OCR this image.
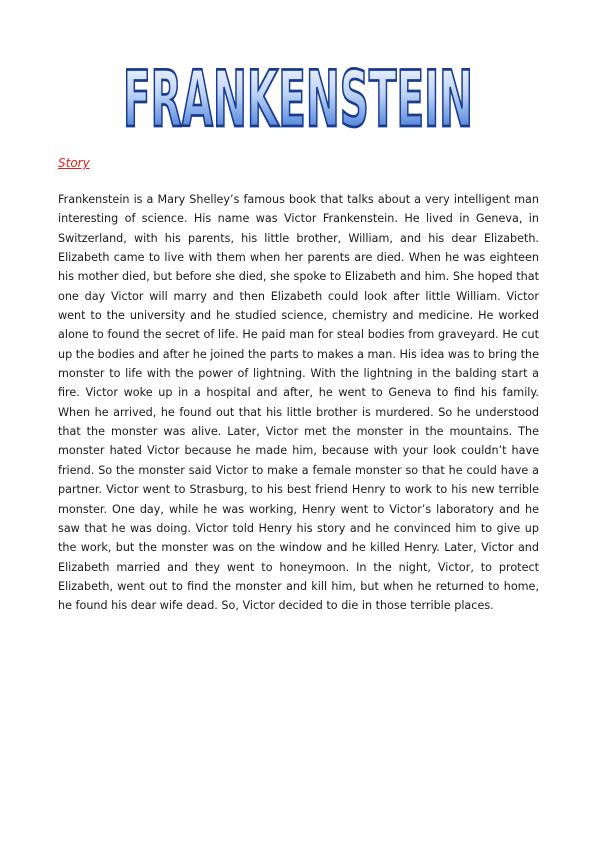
FRANKENSTEIN
Story

Frankenstein is a Mary Shelley’s famous book that talks about a very intelligent man interesting of science. His name was Victor Frankenstein. He lived in Geneva, in Switzerland, with his parents, his little brother, William, and his dear Elizabeth. Elizabeth came to live with them when her parents are died. When he was eighteen his mother died, but before she died, she spoke to Elizabeth and him. She hoped that one day Victor will marry and then Elizabeth could look after little William. Victor went to the university and he studied science, chemistry and medicine. He worked alone to found the secret of life. He paid man for steal bodies from graveyard. He cut up the bodies and after he joined the parts to makes a man. His idea was to bring the monster to life with the power of lightning. With the lightning in the balding start a fire. Victor woke up in a hospital and after, he went to Geneva to find his family. When he arrived, he found out that his little brother is murdered. So he understood that the monster was alive. Later, Victor met the monster in the mountains. The monster hated Victor because he made him, because with your look couldn’t have friend. So the monster said Victor to make a female monster so that he could have a partner. Victor went to Strasburg, to his best friend Henry to work to his new terrible monster. One day, while he was working, Henry went to Victor’s laboratory and he saw that he was doing. Victor told Henry his story and he convinced him to give up the work, but the monster was on the window and he killed Henry. Later, Victor and Elizabeth married and they went to honeymoon. In the night, Victor, to protect Elizabeth, went out to find the monster and kill him, but when he returned to home, he found his dear wife dead. So, Victor decided to die in those terrible places.
